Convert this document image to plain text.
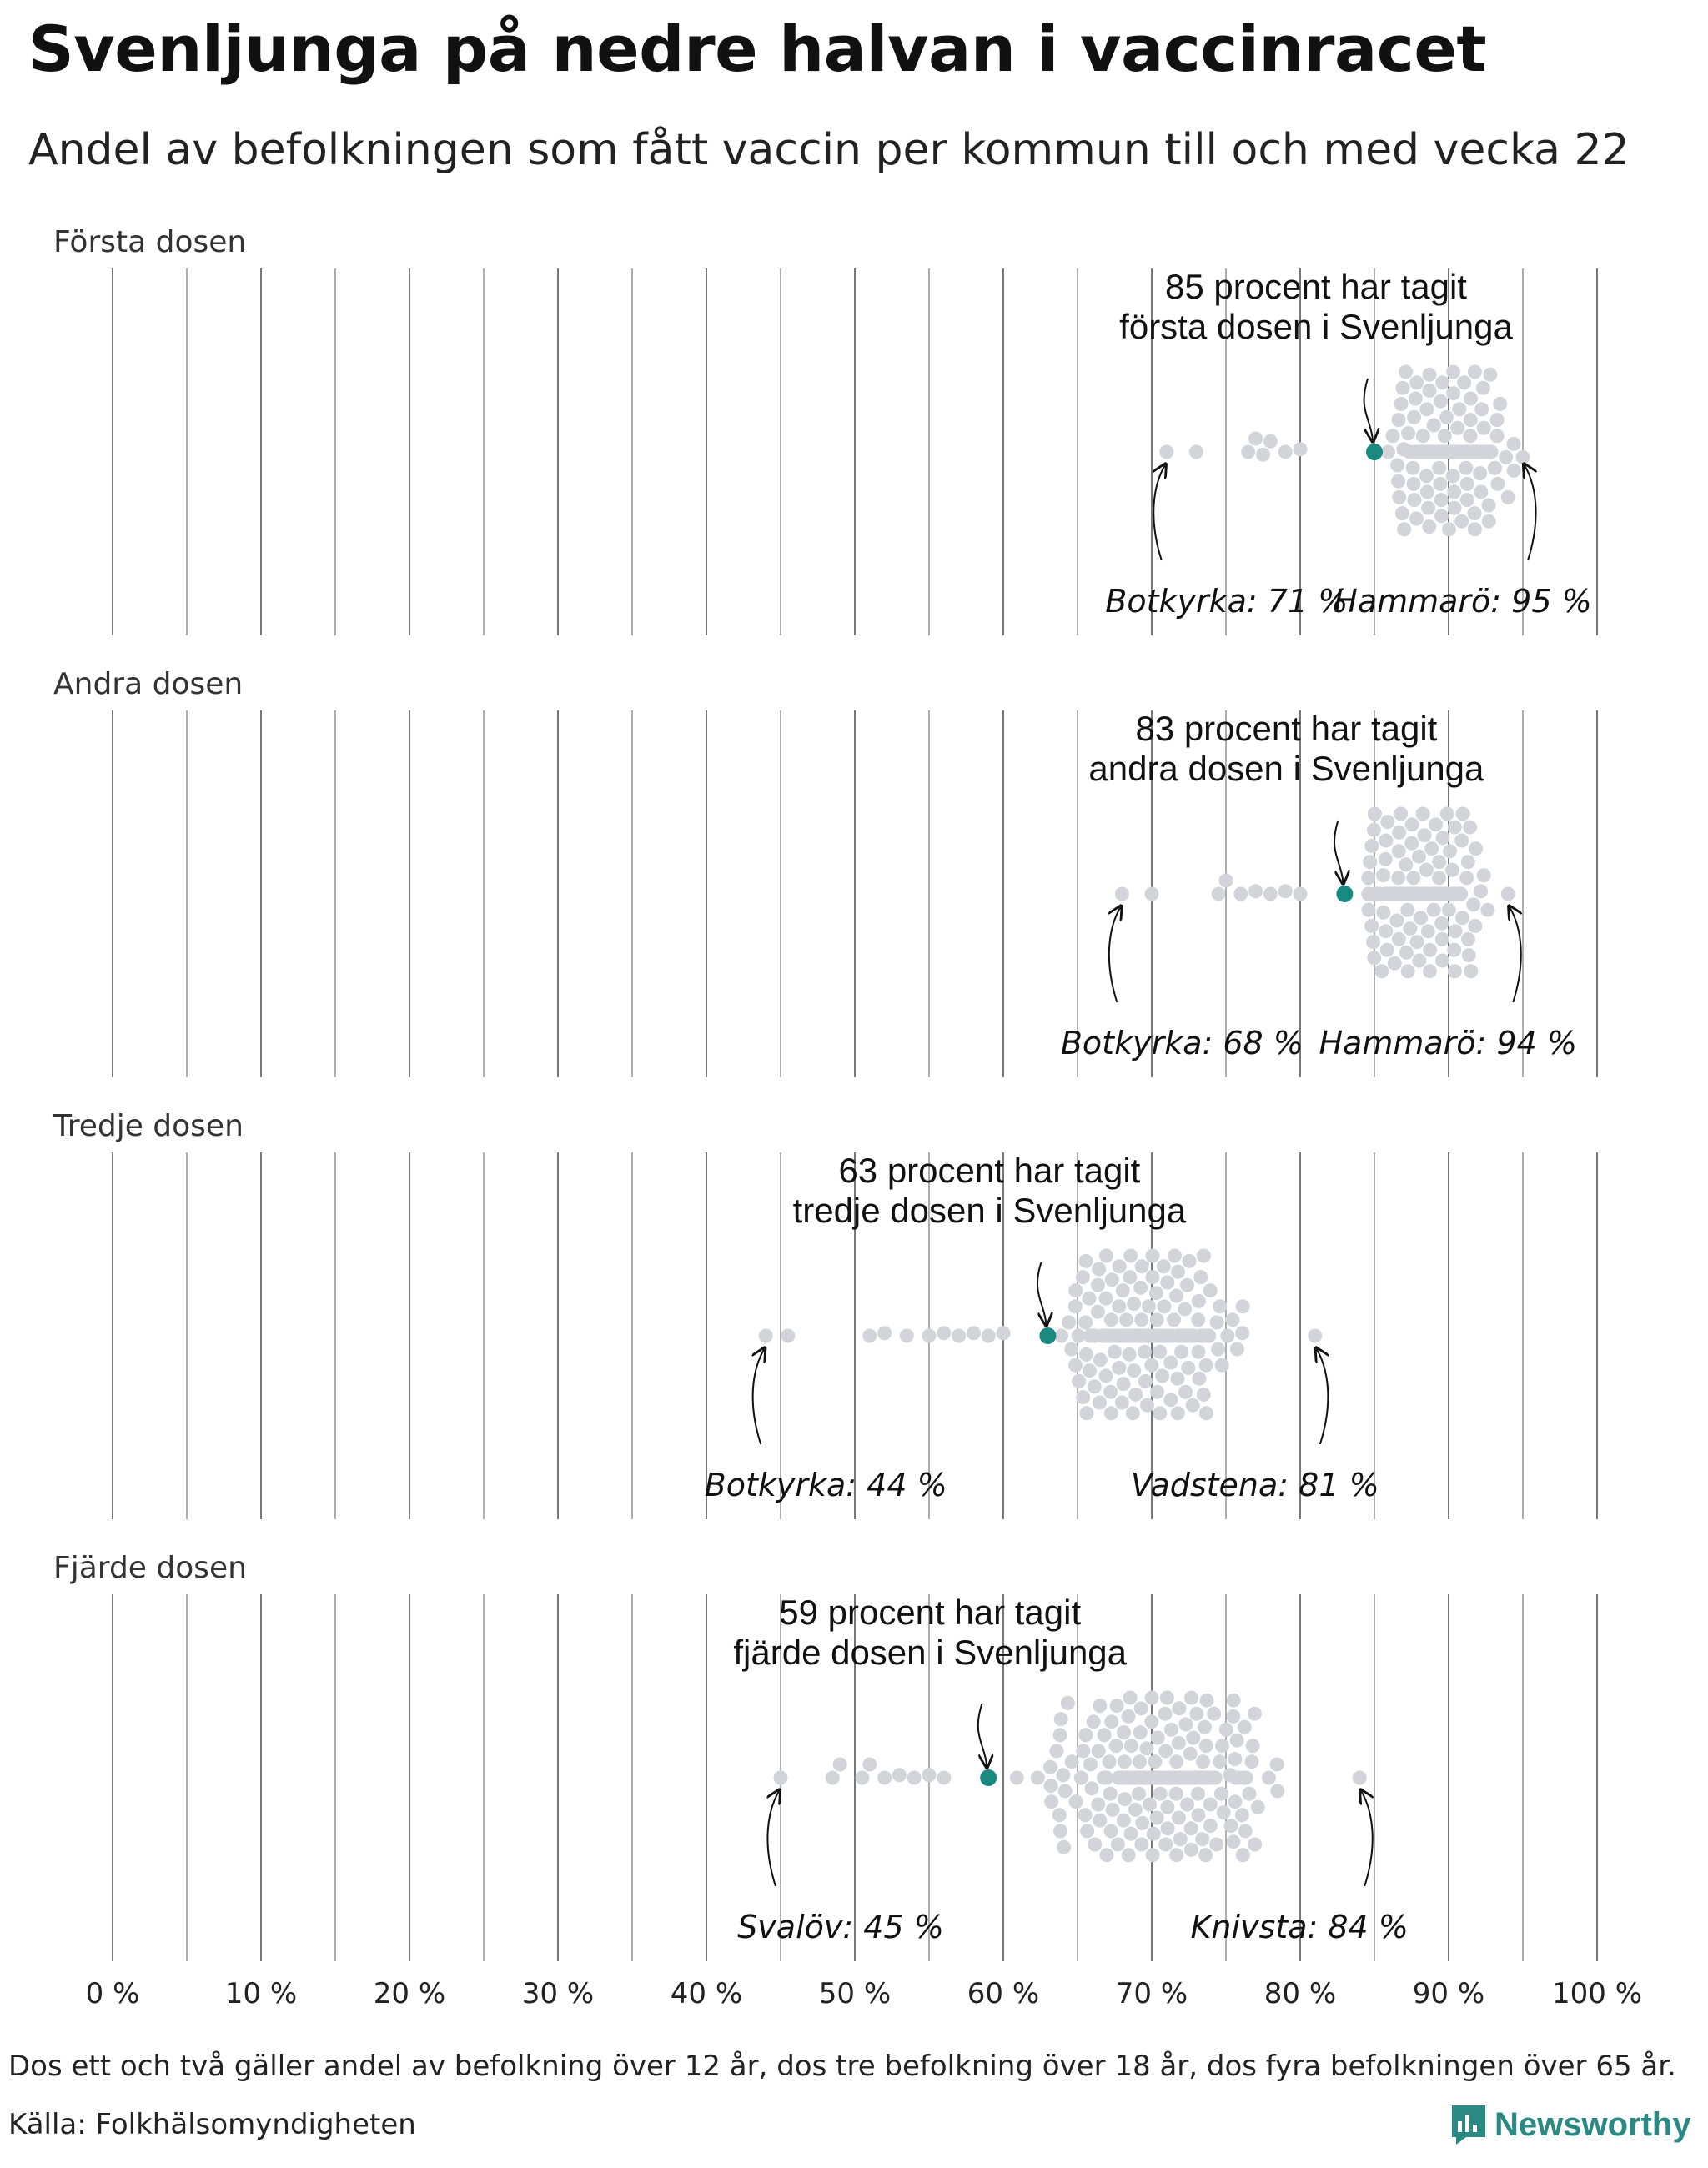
Svenljunga på nedre halvan i vaccinracet
Andel av befolkningen som fått vaccin per kommun till och med vecka 22
Första dosen
Andra dosen
Tredje dosen
Fjärde dosen
0 %	10 %	20 %	30 %	40 %	50 %	60 %	70 %	80 %	90 % 100 %
85 procent har tagit
första dosen i Svenljunga
Botkyrka: 71 %
Hammarö: 95 %
83 procent har tagit
andra dosen i Svenljunga
Botkyrka: 68 % Hammarö: 94 %
63 procent har tagit
tredje dosen i Svenljunga
Botkyrka: 44 %	Vadstena: 81 %
59 procent har tagit
fjärde dosen i Svenljunga
Svalöv: 45 %	Knivsta: 84 %
Dos ett och två gäller andel av befolkning över 12 år, dos tre befolkning över 18 år, dos fyra befolkningen över 65 år.
Källa: Folkhälsomyndigheten	Newsworthy
